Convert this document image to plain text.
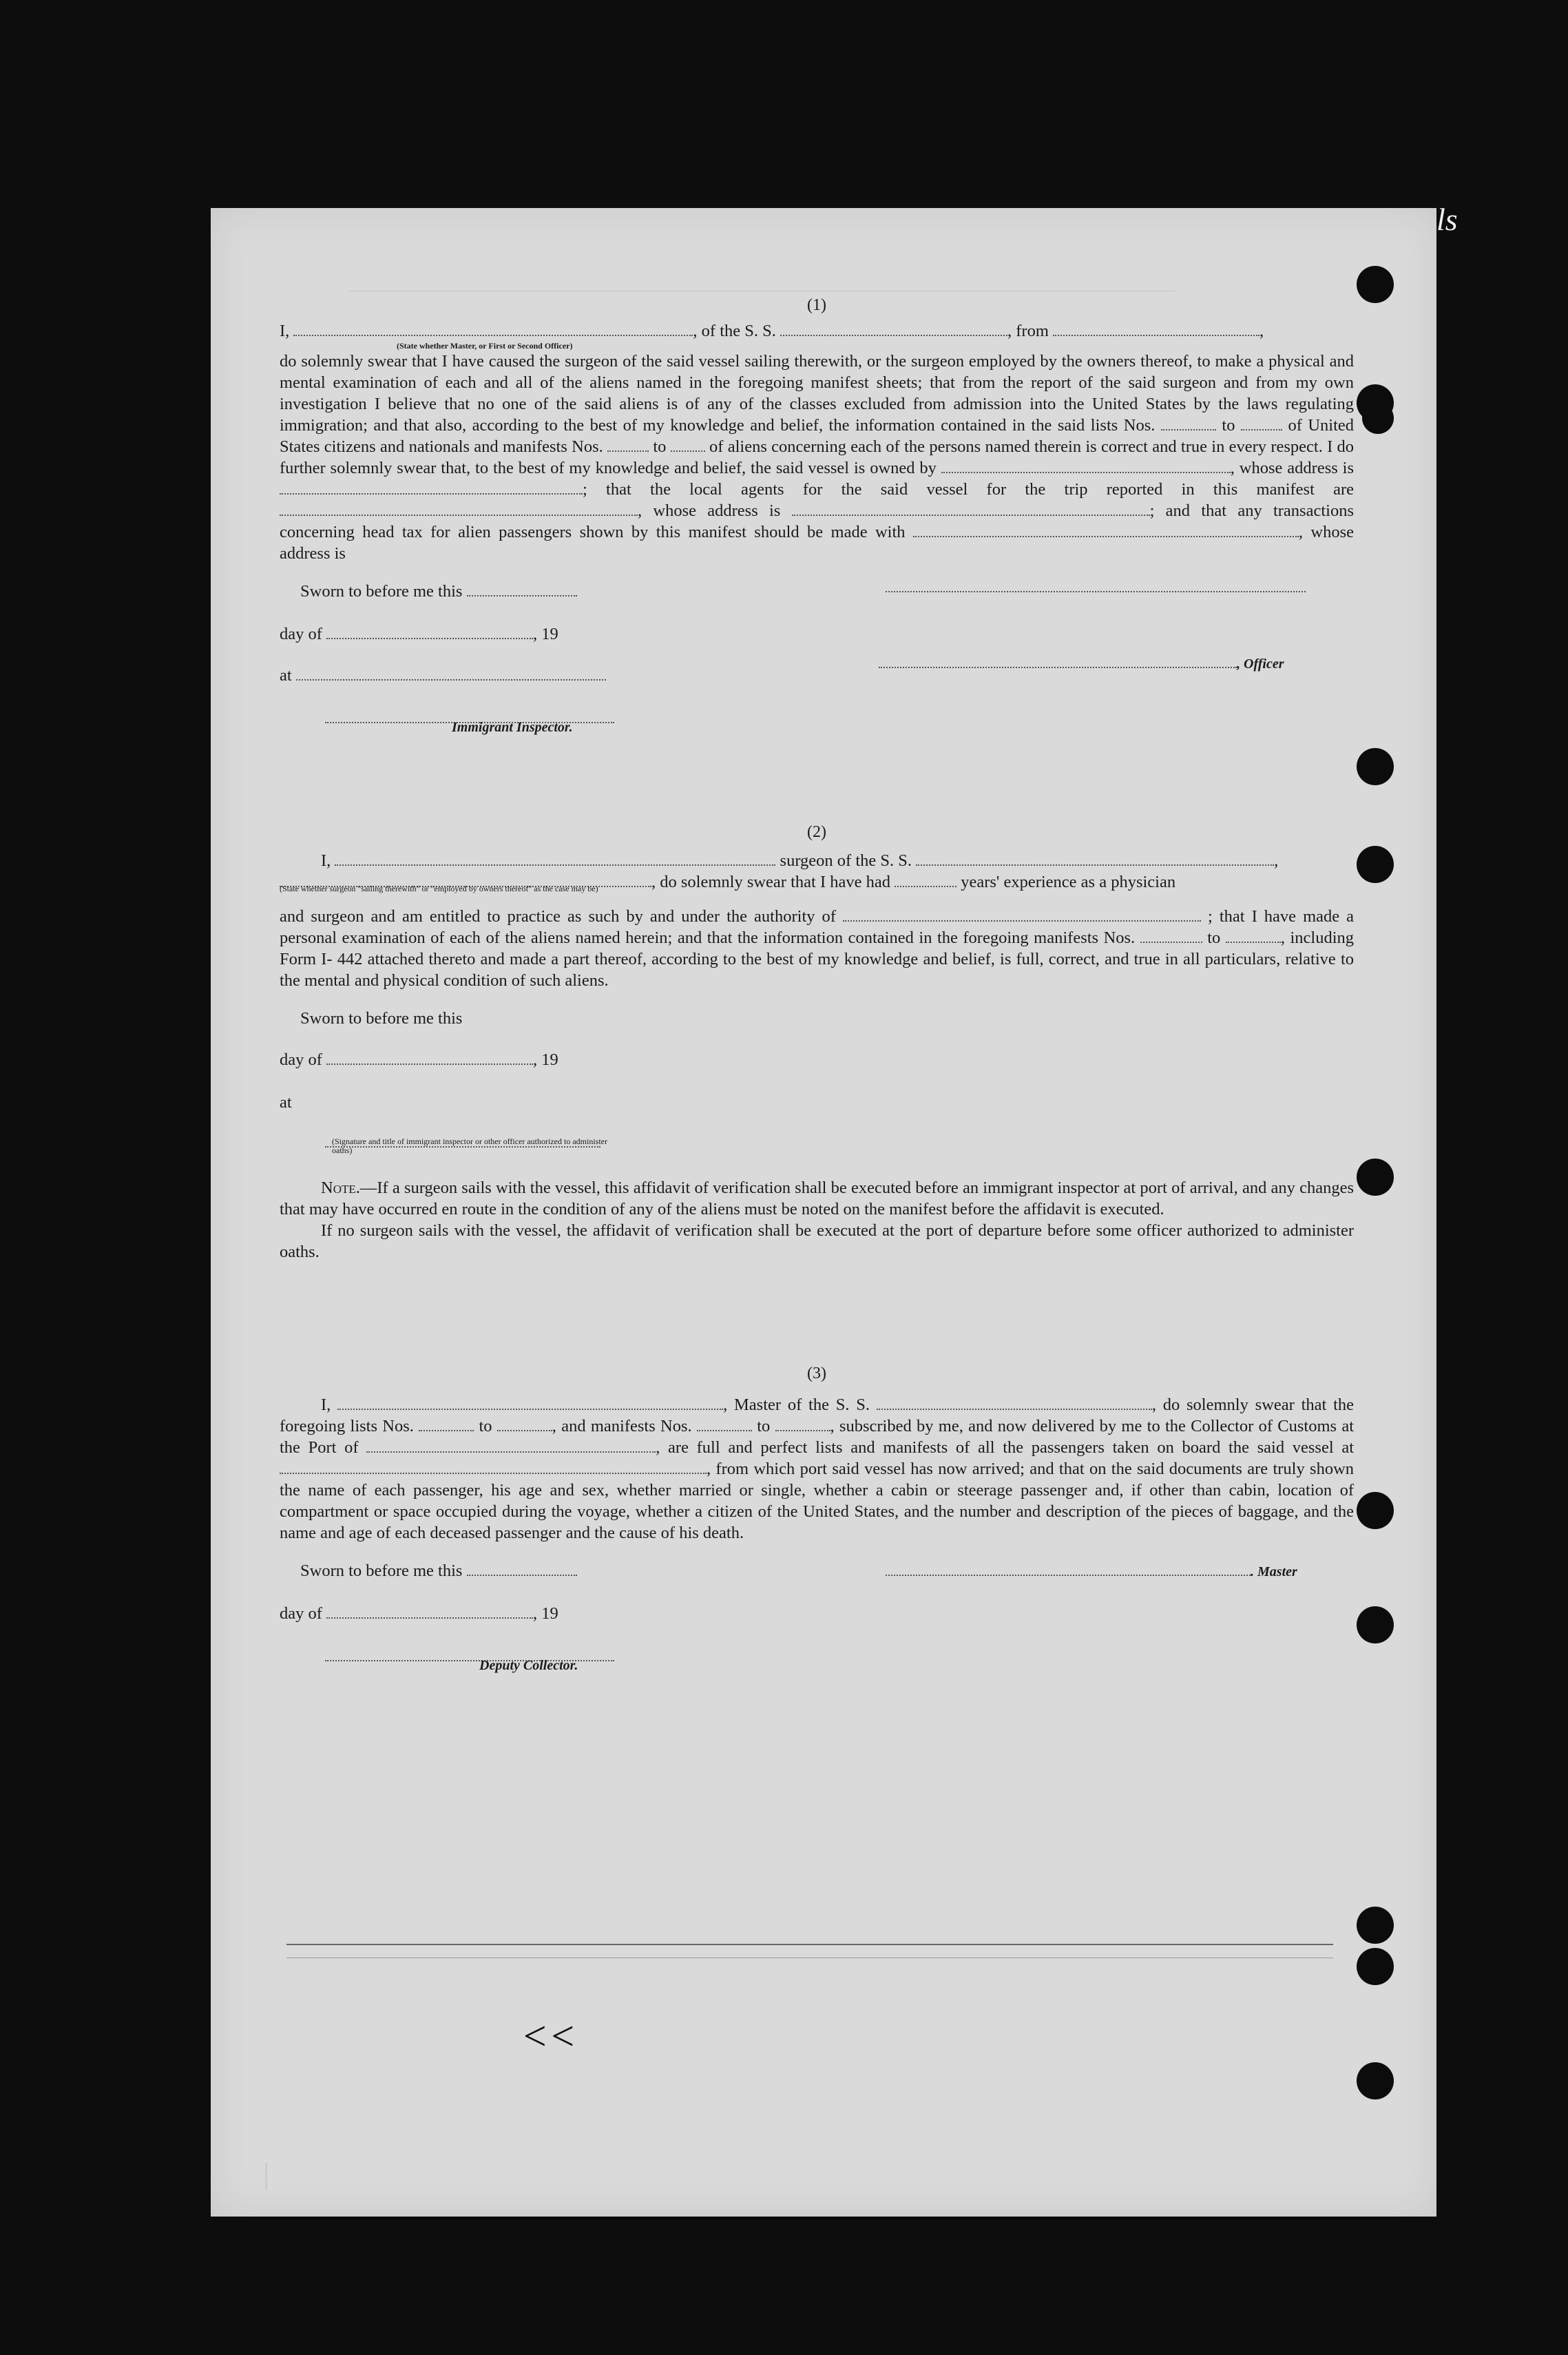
ls
<<

(1)

I,	, of the S. S.	, from	,
(State whether Master, or First or Second Officer)

do solemnly swear that I have caused the surgeon of the said vessel sailing therewith, or the surgeon employed by the owners thereof, to make a physical and mental examination of each and all of the aliens named in the foregoing manifest sheets; that from the report of the said surgeon and from my own investigation I believe that no one of the said aliens is of any of the classes excluded from admission into the United States by the laws regulating immigration; and that also, according to the best of my knowledge and belief, the information contained in the said lists Nos.	to	of United States citizens and nationals and manifests Nos.	to	of aliens concerning each of the persons named therein is correct and true in every respect. I do further solemnly swear that, to the best of my knowledge and belief, the said vessel is owned by	, whose address is ; that the local agents for the said vessel for the trip reported in this manifest are , whose address is	; and that any transactions concerning head tax for alien passengers shown by this manifest should be made with	, whose address is

Sworn to before me this
day of	, 19
at
, Officer
Immigrant Inspector.

(2)

I,	surgeon of the S. S.	,
, do solemnly swear that I have had	years' experience as a physician
(State whether surgeon "sailing therewith" or "employed by owners thereof" as the case may be)

and surgeon and am entitled to practice as such by and under the authority of	; that I have made a personal examination of each of the aliens named herein; and that the information contained in the foregoing manifests Nos.	to	, including Form I- 442 attached thereto and made a part thereof, according to the best of my knowledge and belief, is full, correct, and true in all particulars, relative to the mental and physical condition of such aliens.

Sworn to before me this
day of	, 19
at
(Signature and title of immigrant inspector or other officer authorized to administer oaths)

Note.—If a surgeon sails with the vessel, this affidavit of verification shall be executed before an immigrant inspector at port of arrival, and any changes that may have occurred en route in the condition of any of the aliens must be noted on the manifest before the affidavit is executed.

If no surgeon sails with the vessel, the affidavit of verification shall be executed at the port of departure before some officer authorized to administer oaths.

(3)

I,	, Master of the S. S.	, do solemnly swear that the foregoing lists Nos.	to	, and manifests Nos.	to	, subscribed by me, and now delivered by me to the Collector of Customs at the Port of	, are full and perfect lists and manifests of all the passengers taken on board the said vessel at , from which port said vessel has now arrived; and that on the said documents are truly shown the name of each passenger, his age and sex, whether married or single, whether a cabin or steerage passenger and, if other than cabin, location of compartment or space occupied during the voyage, whether a citizen of the United States, and the number and description of the pieces of baggage, and the name and age of each deceased passenger and the cause of his death.

Sworn to before me this	. Master
day of	, 19
Deputy Collector.
